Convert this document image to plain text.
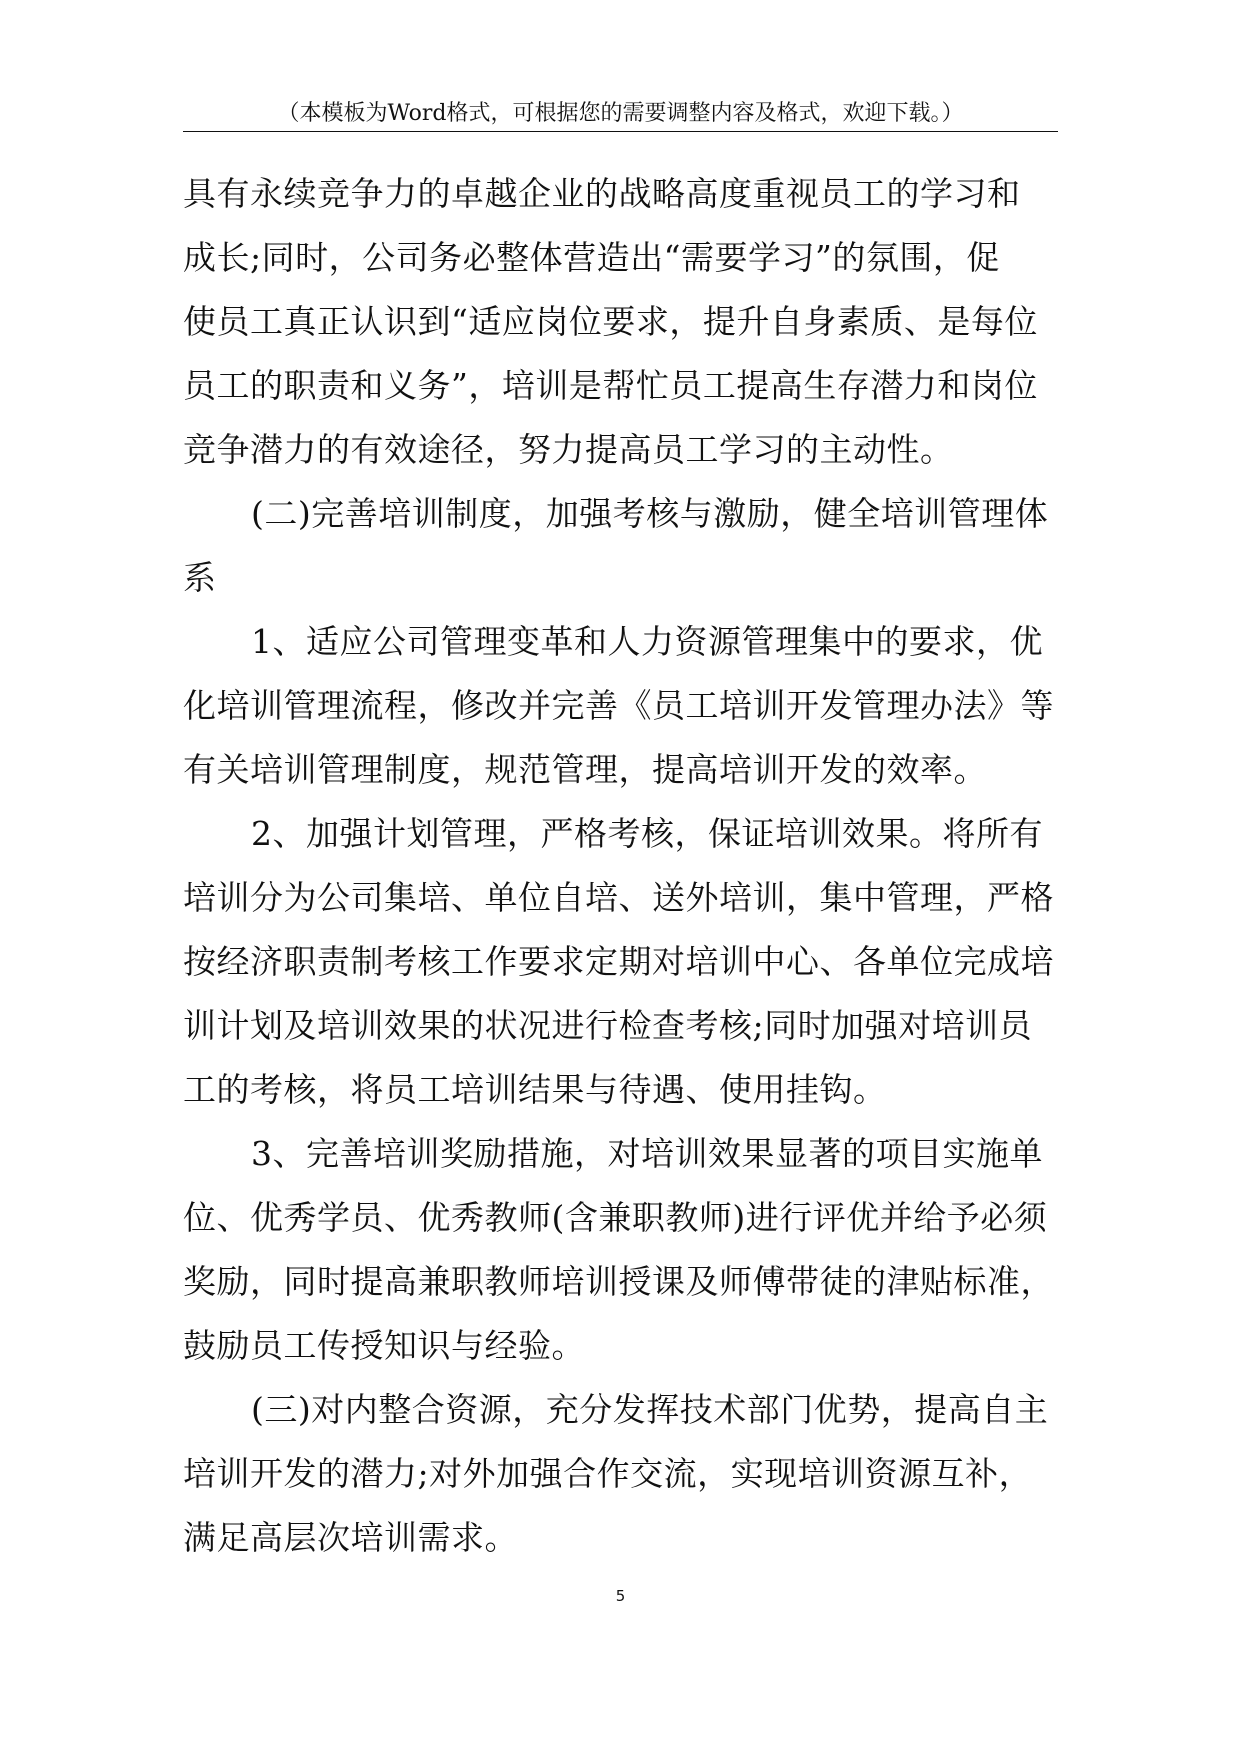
（本模板为Word格式，可根据您的需要调整内容及格式，欢迎下载。）
具有永续竞争力的卓越企业的战略高度重视员工的学习和
成长;同时，公司务必整体营造出“需要学习”的氛围，促
使员工真正认识到“适应岗位要求，提升自身素质、是每位
员工的职责和义务”，培训是帮忙员工提高生存潜力和岗位
竞争潜力的有效途径，努力提高员工学习的主动性。
(二)完善培训制度，加强考核与激励，健全培训管理体
系
1、适应公司管理变革和人力资源管理集中的要求，优
化培训管理流程，修改并完善《员工培训开发管理办法》等
有关培训管理制度，规范管理，提高培训开发的效率。
2、加强计划管理，严格考核，保证培训效果。将所有
培训分为公司集培、单位自培、送外培训，集中管理，严格
按经济职责制考核工作要求定期对培训中心、各单位完成培
训计划及培训效果的状况进行检查考核;同时加强对培训员
工的考核，将员工培训结果与待遇、使用挂钩。
3、完善培训奖励措施，对培训效果显著的项目实施单
位、优秀学员、优秀教师(含兼职教师)进行评优并给予必须
奖励，同时提高兼职教师培训授课及师傅带徒的津贴标准，
鼓励员工传授知识与经验。
(三)对内整合资源，充分发挥技术部门优势，提高自主
培训开发的潜力;对外加强合作交流，实现培训资源互补，
满足高层次培训需求。
5
